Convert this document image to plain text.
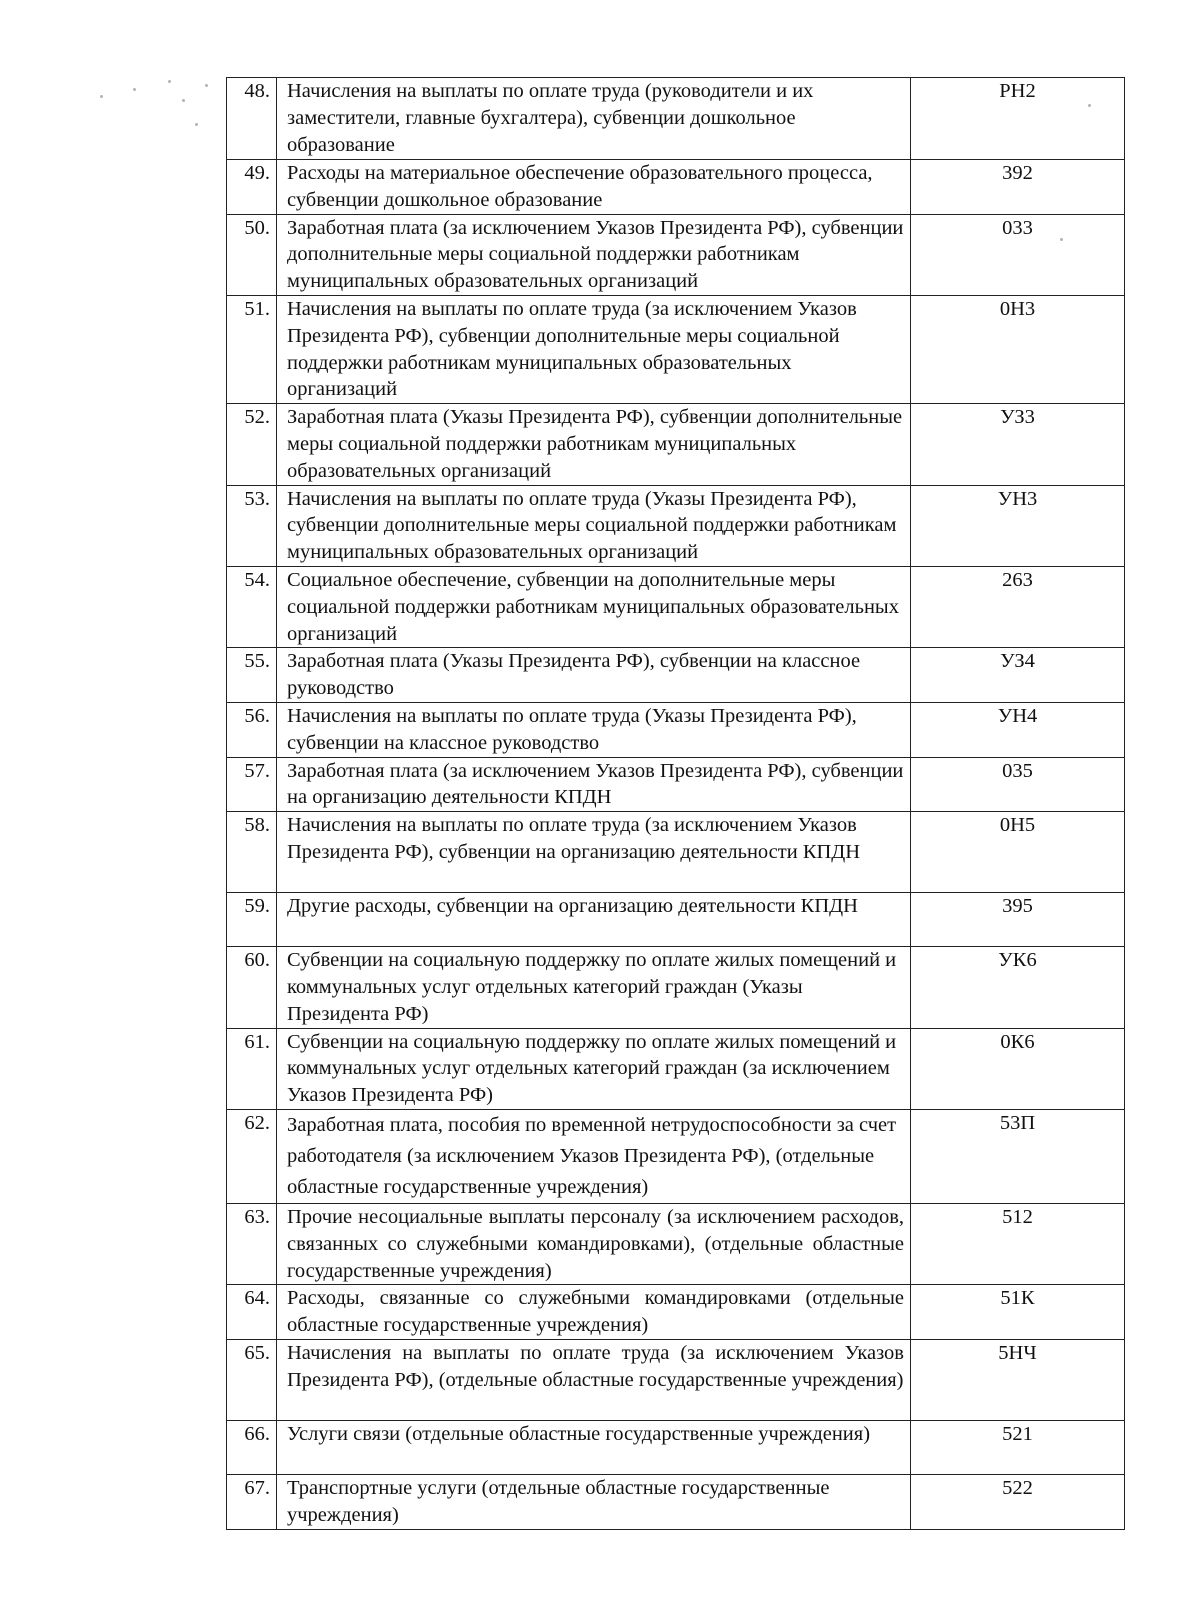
48.	Начисления на выплаты по оплате труда (руководители и их заместители, главные бухгалтера), субвенции дошкольное образование	РН2
49.	Расходы на материальное обеспечение образовательного процесса, субвенции дошкольное образование	392
50.	Заработная плата (за исключением Указов Президента РФ), субвенции дополнительные меры социальной поддержки работникам муниципальных образовательных организаций	033
51.	Начисления на выплаты по оплате труда (за исключением Указов Президента РФ), субвенции дополнительные меры социальной поддержки работникам муниципальных образовательных организаций	0Н3
52.	Заработная плата (Указы Президента РФ), субвенции дополнительные меры социальной поддержки работникам муниципальных образовательных организаций	УЗ3
53.	Начисления на выплаты по оплате труда (Указы Президента РФ), субвенции дополнительные меры социальной поддержки работникам муниципальных образовательных организаций	УН3
54.	Социальное обеспечение, субвенции на дополнительные меры социальной поддержки работникам муниципальных образовательных организаций	263
55.	Заработная плата (Указы Президента РФ), субвенции на классное руководство	УЗ4
56.	Начисления на выплаты по оплате труда (Указы Президента РФ), субвенции на классное руководство	УН4
57.	Заработная плата (за исключением Указов Президента РФ), субвенции на организацию деятельности КПДН	035
58.	Начисления на выплаты по оплате труда (за исключением Указов Президента РФ), субвенции на организацию деятельности КПДН	0Н5
59.	Другие расходы, субвенции на организацию деятельности КПДН	395
60.	Субвенции на социальную поддержку по оплате жилых помещений и коммунальных услуг отдельных категорий граждан (Указы Президента РФ)	УК6
61.	Субвенции на социальную поддержку по оплате жилых помещений и коммунальных услуг отдельных категорий граждан (за исключением Указов Президента РФ)	0К6
62.	Заработная плата, пособия по временной нетрудоспособности за счет работодателя (за исключением Указов Президента РФ), (отдельные областные государственные учреждения)	53П
63.	Прочие несоциальные выплаты персоналу (за исключением расходов, связанных со служебными командировками), (отдельные областные государственные учреждения)	512
64.	Расходы, связанные со служебными командировками (отдельные областные государственные учреждения)	51К
65.	Начисления на выплаты по оплате труда (за исключением Указов Президента РФ), (отдельные областные государственные учреждения)	5НЧ
66.	Услуги связи (отдельные областные государственные учреждения)	521
67.	Транспортные услуги (отдельные областные государственные учреждения)	522
